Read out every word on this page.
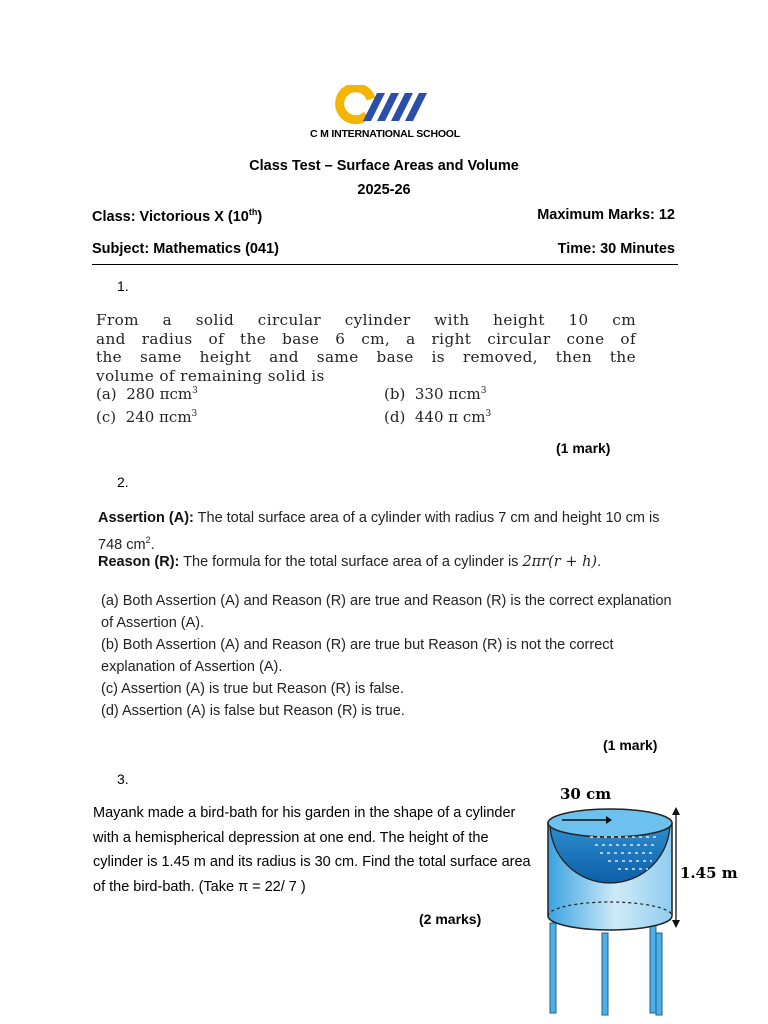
C M INTERNATIONAL SCHOOL
Class Test – Surface Areas and Volume
2025-26
Class: Victorious X (10th)	Maximum Marks: 12
Subject: Mathematics (041)	Time: 30 Minutes
1.
From a solid circular cylinder with height 10 cm
and radius of the base 6 cm, a right circular cone of
the same height and same base is removed, then the
volume of remaining solid is
(a) 280 πcm$^3$	(b) 330 πcm$^3$
(c) 240 πcm$^3$	(d) 440 π $cm^3$
(1 mark)
2.
Assertion (A): The total surface area of a cylinder with radius 7 cm and height 10 cm is 748 $cm^2$.
Reason (R): The formula for the total surface area of a cylinder is 2πr(r + h).
(a) Both Assertion (A) and Reason (R) are true and Reason (R) is the correct explanation of Assertion (A).
(b) Both Assertion (A) and Reason (R) are true but Reason (R) is not the correct explanation of Assertion (A).
(c) Assertion (A) is true but Reason (R) is false.
(d) Assertion (A) is false but Reason (R) is true.
(1 mark)
3.
Mayank made a bird-bath for his garden in the shape of a cylinder with a hemispherical depression at one end. The height of the cylinder is 1.45 m and its radius is 30 cm. Find the total surface area of the bird-bath. (Take π = 22/ 7 )
(2 marks)
30 cm
1.45 m
